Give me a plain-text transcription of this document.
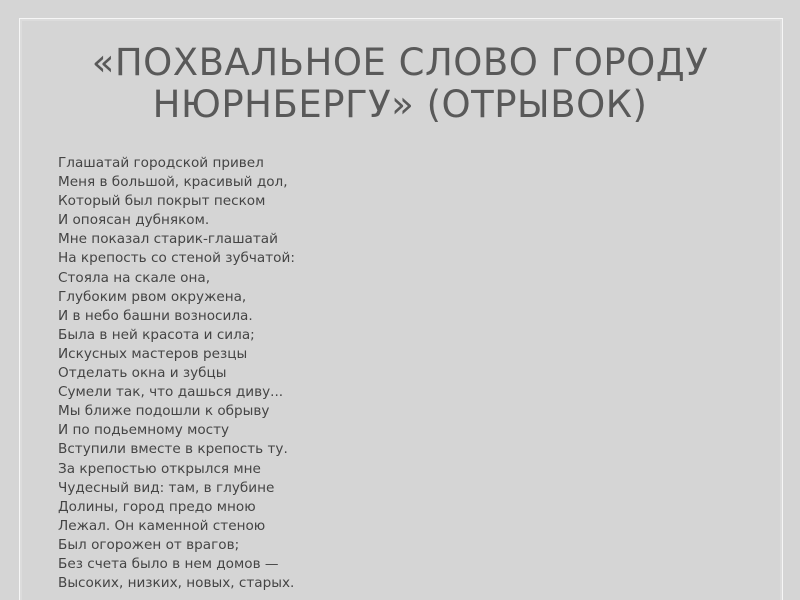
«ПОХВАЛЬНОЕ СЛОВО ГОРОДУ
НЮРНБЕРГУ» (ОТРЫВОК)
Глашатай городской привел
Меня в большой, красивый дол,
Который был покрыт песком
И опоясан дубняком.
Мне показал старик-глашатай
На крепость со стеной зубчатой:
Стояла на скале она,
Глубоким рвом окружена,
И в небо башни возносила.
Была в ней красота и сила;
Искусных мастеров резцы
Отделать окна и зубцы
Сумели так, что дашься диву...
Мы ближе подошли к обрыву
И по подьемному мосту
Вступили вместе в крепость ту.
За крепостью открылся мне
Чудесный вид: там, в глубине
Долины, город предо мною
Лежал. Он каменной стеною
Был огорожен от врагов;
Без счета было в нем домов —
Высоких, низких, новых, старых.
